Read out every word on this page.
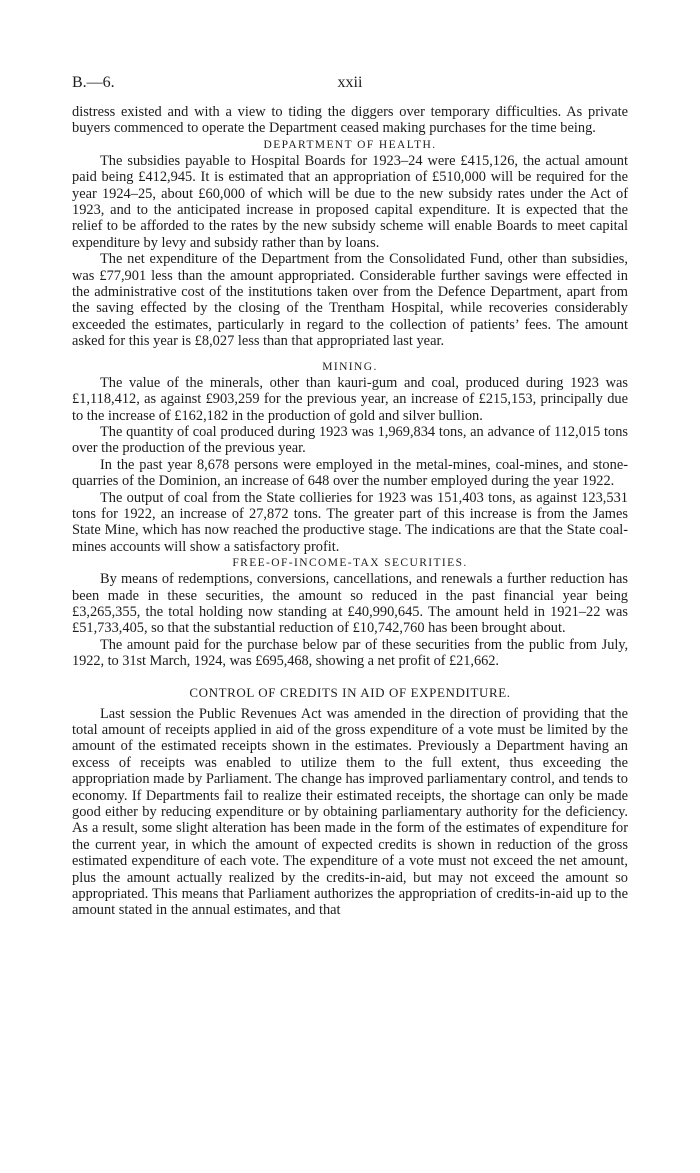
B.—6.	xxii

distress existed and with a view to tiding the diggers over temporary difficulties. As private buyers commenced to operate the Department ceased making purchases for the time being.

DEPARTMENT OF HEALTH.

The subsidies payable to Hospital Boards for 1923–24 were £415,126, the actual amount paid being £412,945. It is estimated that an appropriation of £510,000 will be required for the year 1924–25, about £60,000 of which will be due to the new subsidy rates under the Act of 1923, and to the anticipated increase in proposed capital expenditure. It is expected that the relief to be afforded to the rates by the new subsidy scheme will enable Boards to meet capital expenditure by levy and subsidy rather than by loans.

The net expenditure of the Department from the Consolidated Fund, other than subsidies, was £77,901 less than the amount appropriated. Considerable further savings were effected in the administrative cost of the institutions taken over from the Defence Department, apart from the saving effected by the closing of the Trentham Hospital, while recoveries considerably exceeded the estimates, particularly in regard to the collection of patients’ fees. The amount asked for this year is £8,027 less than that appropriated last year.

MINING.

The value of the minerals, other than kauri-gum and coal, produced during 1923 was £1,118,412, as against £903,259 for the previous year, an increase of £215,153, principally due to the increase of £162,182 in the production of gold and silver bullion.

The quantity of coal produced during 1923 was 1,969,834 tons, an advance of 112,015 tons over the production of the previous year.

In the past year 8,678 persons were employed in the metal-mines, coal-mines, and stone-quarries of the Dominion, an increase of 648 over the number employed during the year 1922.

The output of coal from the State collieries for 1923 was 151,403 tons, as against 123,531 tons for 1922, an increase of 27,872 tons. The greater part of this increase is from the James State Mine, which has now reached the productive stage. The indications are that the State coal-mines accounts will show a satisfactory profit.

FREE-OF-INCOME-TAX SECURITIES.

By means of redemptions, conversions, cancellations, and renewals a further reduction has been made in these securities, the amount so reduced in the past financial year being £3,265,355, the total holding now standing at £40,990,645. The amount held in 1921–22 was £51,733,405, so that the substantial reduction of £10,742,760 has been brought about.

The amount paid for the purchase below par of these securities from the public from July, 1922, to 31st March, 1924, was £695,468, showing a net profit of £21,662.

CONTROL OF CREDITS IN AID OF EXPENDITURE.

Last session the Public Revenues Act was amended in the direction of providing that the total amount of receipts applied in aid of the gross expenditure of a vote must be limited by the amount of the estimated receipts shown in the estimates. Previously a Department having an excess of receipts was enabled to utilize them to the full extent, thus exceeding the appropriation made by Parliament. The change has improved parliamentary control, and tends to economy. If Departments fail to realize their estimated receipts, the shortage can only be made good either by reducing expenditure or by obtaining parliamentary authority for the deficiency. As a result, some slight alteration has been made in the form of the estimates of expenditure for the current year, in which the amount of expected credits is shown in reduction of the gross estimated expenditure of each vote. The expenditure of a vote must not exceed the net amount, plus the amount actually realized by the credits-in-aid, but may not exceed the amount so appropriated. This means that Parliament authorizes the appropriation of credits-in-aid up to the amount stated in the annual estimates, and that
